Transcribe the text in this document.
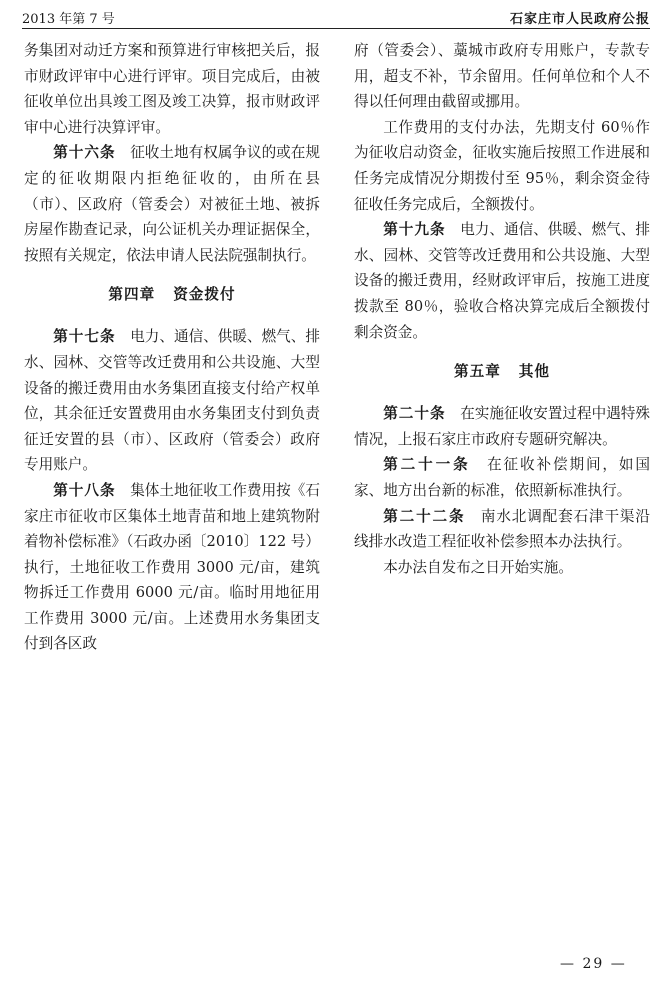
2013 年第 7 号	石家庄市人民政府公报

务集团对动迁方案和预算进行审核把关后，报市财政评审中心进行评审。项目完成后，由被征收单位出具竣工图及竣工决算，报市财政评审中心进行决算评审。

第十六条　征收土地有权属争议的或在规定的征收期限内拒绝征收的，由所在县（市）、区政府（管委会）对被征土地、被拆房屋作勘查记录，向公证机关办理证据保全，按照有关规定，依法申请人民法院强制执行。

第四章 资金拨付

第十七条　电力、通信、供暖、燃气、排水、园林、交管等改迁费用和公共设施、大型设备的搬迁费用由水务集团直接支付给产权单位，其余征迁安置费用由水务集团支付到负责征迁安置的县（市）、区政府（管委会）政府专用账户。

第十八条　集体土地征收工作费用按《石家庄市征收市区集体土地青苗和地上建筑物附着物补偿标准》（石政办函〔2010〕122 号）执行，土地征收工作费用 3000 元/亩，建筑物拆迁工作费用 6000 元/亩。临时用地征用工作费用 3000 元/亩。上述费用水务集团支付到各区政

府（管委会）、藁城市政府专用账户，专款专用，超支不补，节余留用。任何单位和个人不得以任何理由截留或挪用。

工作费用的支付办法，先期支付 60％作为征收启动资金，征收实施后按照工作进展和任务完成情况分期拨付至 95％，剩余资金待征收任务完成后，全额拨付。

第十九条　电力、通信、供暖、燃气、排水、园林、交管等改迁费用和公共设施、大型设备的搬迁费用，经财政评审后，按施工进度拨款至 80％，验收合格决算完成后全额拨付剩余资金。

第五章 其他

第二十条　在实施征收安置过程中遇特殊情况，上报石家庄市政府专题研究解决。

第二十一条　在征收补偿期间，如国家、地方出台新的标准，依照新标准执行。

第二十二条　南水北调配套石津干渠沿线排水改造工程征收补偿参照本办法执行。

本办法自发布之日开始实施。

— 29 —
